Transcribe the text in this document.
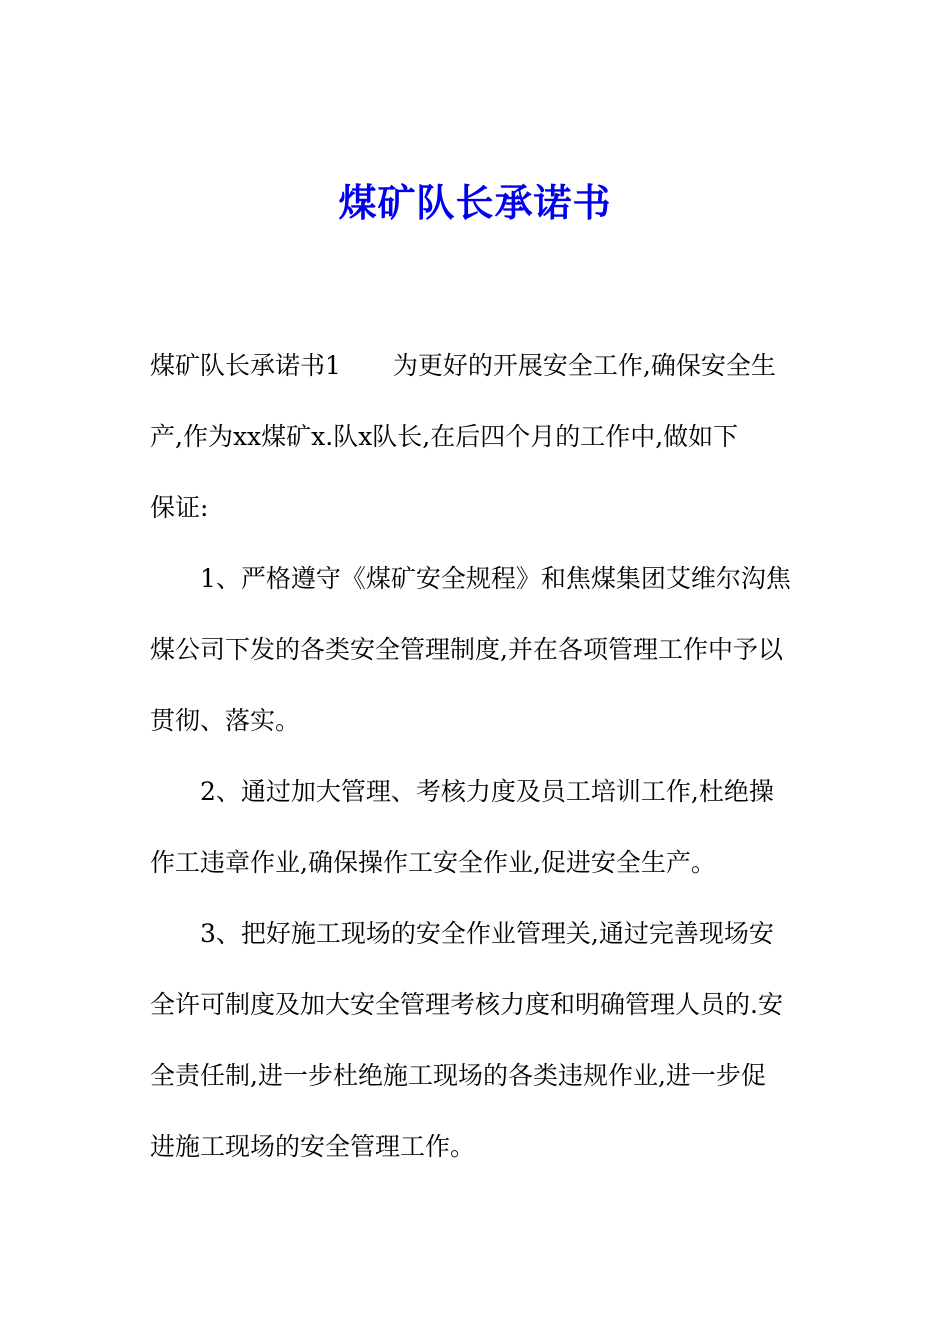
煤矿队长承诺书
煤矿队长承诺书1 为更好的开展安全工作,确保安全生
产,作为xx煤矿x.队x队长,在后四个月的工作中,做如下
保证:
1、严格遵守《煤矿安全规程》和焦煤集团艾维尔沟焦
煤公司下发的各类安全管理制度,并在各项管理工作中予以
贯彻、落实。
2、通过加大管理、考核力度及员工培训工作,杜绝操
作工违章作业,确保操作工安全作业,促进安全生产。
3、把好施工现场的安全作业管理关,通过完善现场安
全许可制度及加大安全管理考核力度和明确管理人员的.安
全责任制,进一步杜绝施工现场的各类违规作业,进一步促
进施工现场的安全管理工作。
